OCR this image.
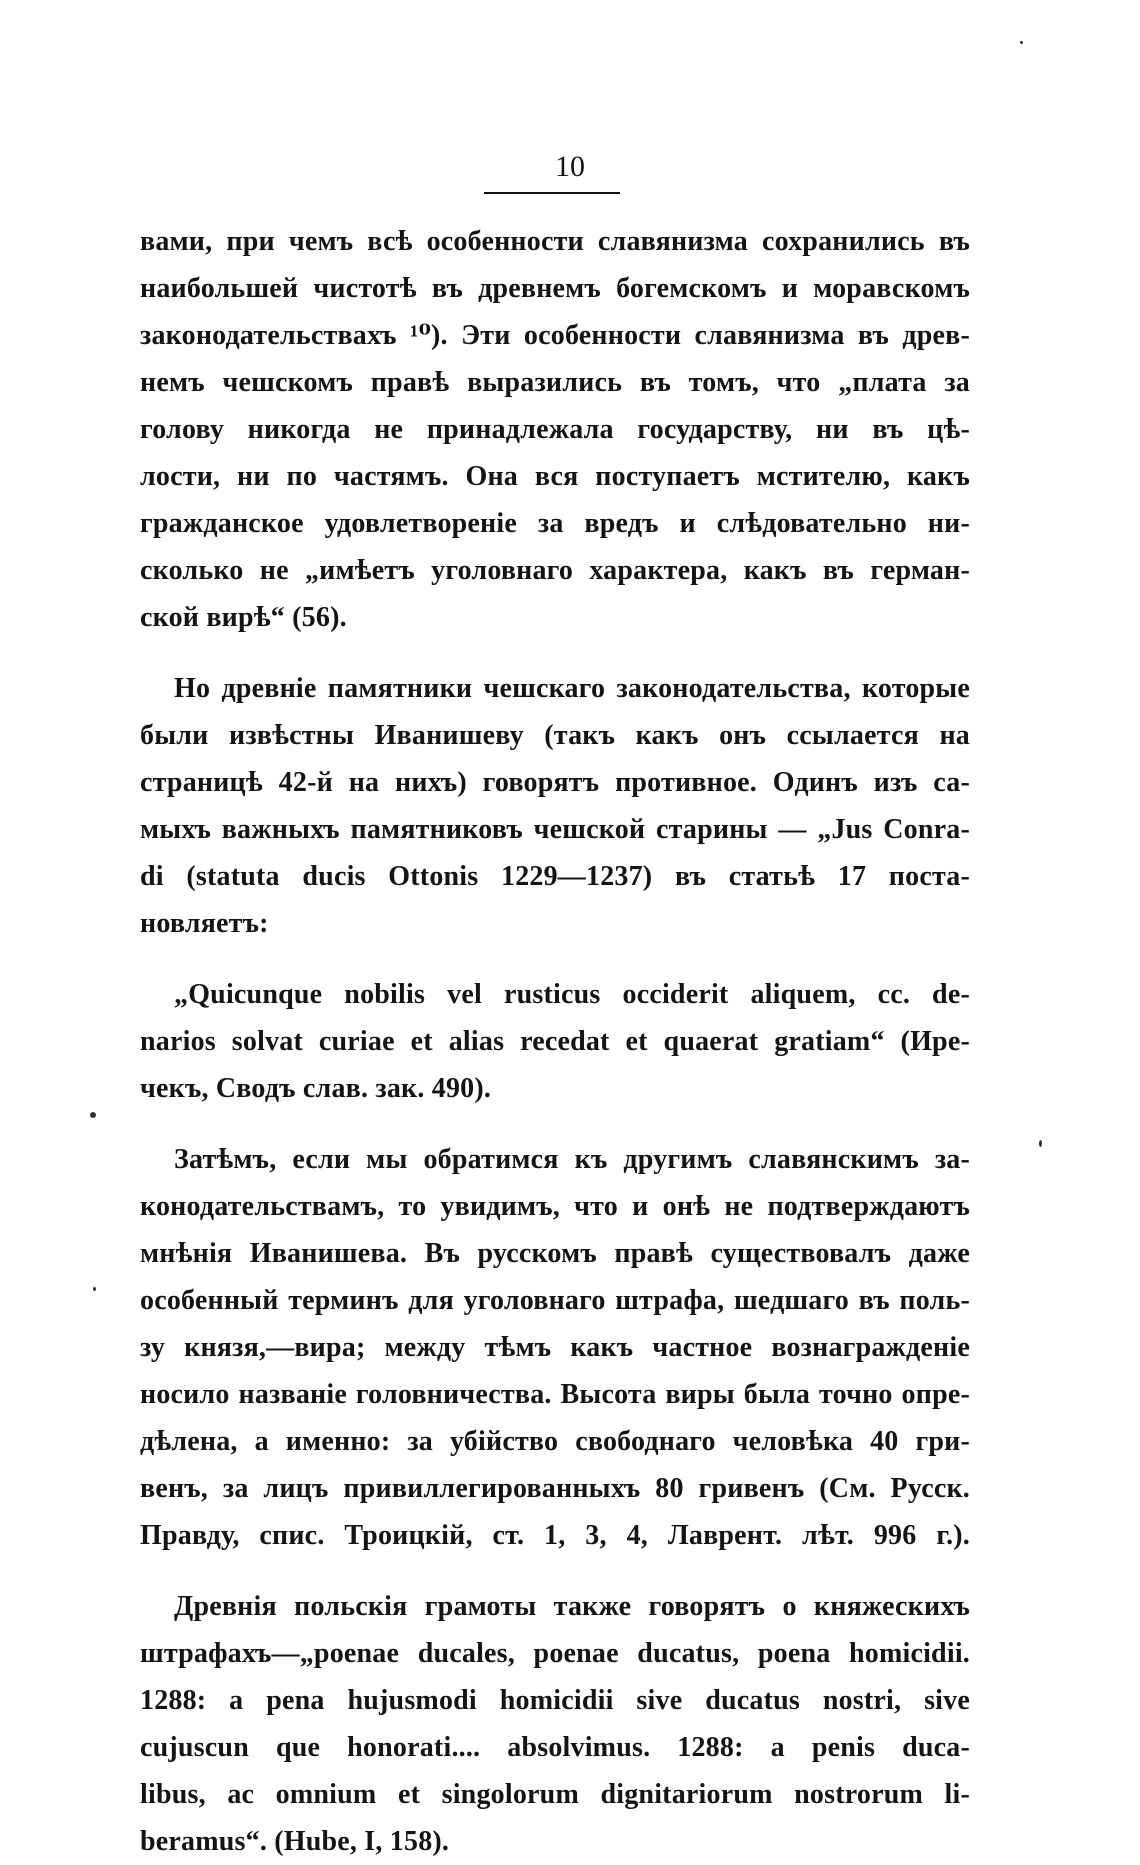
10
вами, при чемъ всѣ особенности славянизма сохранились въ
наибольшей чистотѣ въ древнемъ богемскомъ и моравскомъ
законодательствахъ ¹⁰). Эти особенности славянизма въ древ-
немъ чешскомъ правѣ выразились въ томъ, что „плата за
голову никогда не принадлежала государству, ни въ цѣ-
лости, ни по частямъ. Она вся поступаетъ мстителю, какъ
гражданское удовлетвореніе за вредъ и слѣдовательно ни-
сколько не „имѣетъ уголовнаго характера, какъ въ герман-
ской вирѣ“ (56).
Но древніе памятники чешскаго законодательства, которые
были извѣстны Иванишеву (такъ какъ онъ ссылается на
страницѣ 42-й на нихъ) говорятъ противное. Одинъ изъ са-
мыхъ важныхъ памятниковъ чешской старины — „Jus Conra-
di (statuta ducis Ottonis 1229—1237) въ статьѣ 17 поста-
новляетъ:
„Quicunque nobilis vel rusticus occiderit aliquem, cc. de-
narios solvat curiae et alias recedat et quaerat gratiam“ (Ире-
чекъ, Сводъ слав. зак. 490).
Затѣмъ, если мы обратимся къ другимъ славянскимъ за-
конодательствамъ, то увидимъ, что и онѣ не подтверждаютъ
мнѣнія Иванишева. Въ русскомъ правѣ существовалъ даже
особенный терминъ для уголовнаго штрафа, шедшаго въ поль-
зу князя,—вира; между тѣмъ какъ частное вознагражденіе
носило названіе головничества. Высота виры была точно опре-
дѣлена, а именно: за убійство свободнаго человѣка 40 гри-
венъ, за лицъ привиллегированныхъ 80 гривенъ (См. Русск.
Правду, спис. Троицкій, ст. 1, 3, 4, Лаврент. лѣт. 996 г.).
Древнія польскія грамоты также говорятъ о княжескихъ
штрафахъ—„poenae ducales, poenae ducatus, poena homicidii.
1288: a pena hujusmodi homicidii sive ducatus nostri, sive
cujuscun que honorati.... absolvimus. 1288: a penis duca-
libus, ac omnium et singolorum dignitariorum nostrorum li-
beramus“. (Hube, I, 158).
